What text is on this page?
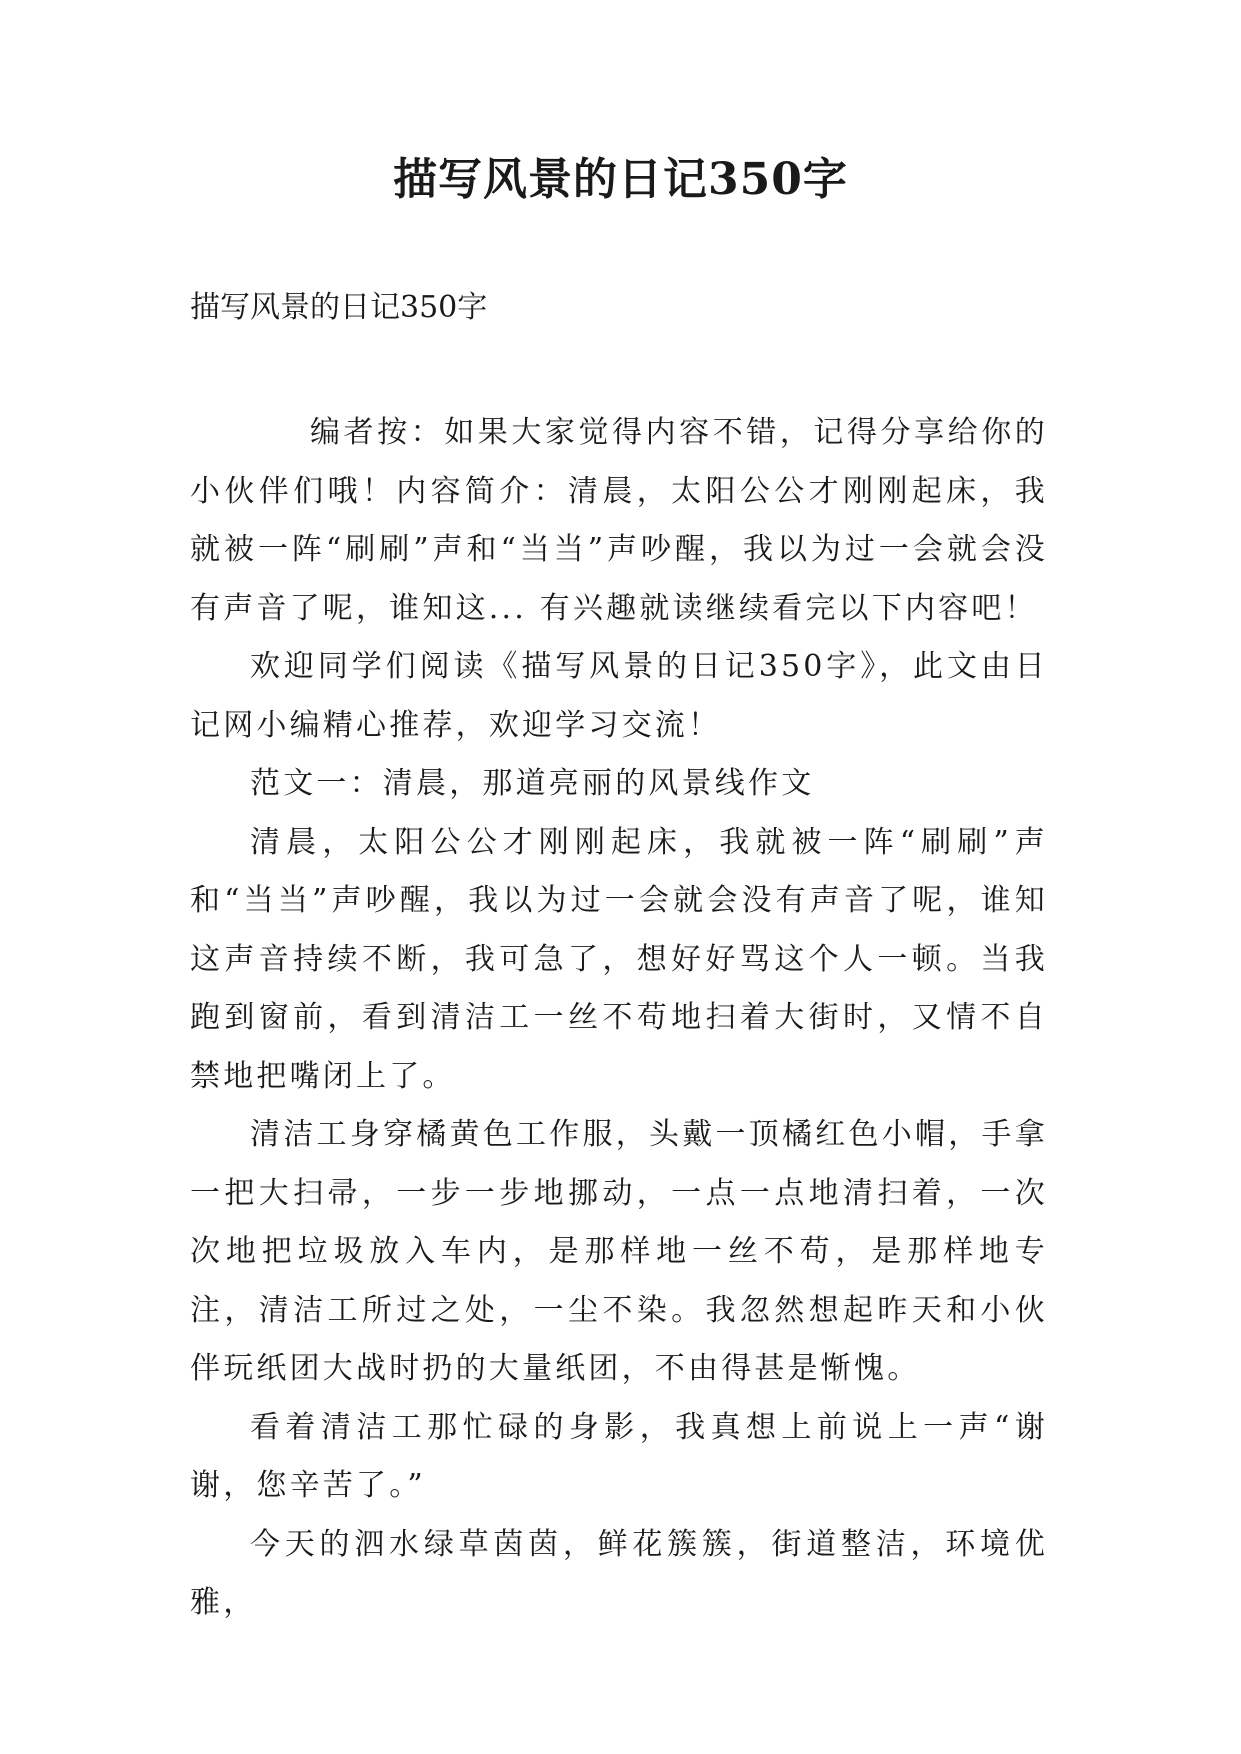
描写风景的日记350字

描写风景的日记350字

编者按：如果大家觉得内容不错，记得分享给你的小伙伴们哦！内容简介：清晨，太阳公公才刚刚起床，我就被一阵“刷刷”声和“当当”声吵醒，我以为过一会就会没有声音了呢，谁知这... 有兴趣就读继续看完以下内容吧！

欢迎同学们阅读《描写风景的日记350字》，此文由日记网小编精心推荐，欢迎学习交流！

范文一：清晨，那道亮丽的风景线作文

清晨，太阳公公才刚刚起床，我就被一阵“刷刷”声和“当当”声吵醒，我以为过一会就会没有声音了呢，谁知这声音持续不断，我可急了，想好好骂这个人一顿。当我跑到窗前，看到清洁工一丝不苟地扫着大街时，又情不自禁地把嘴闭上了。

清洁工身穿橘黄色工作服，头戴一顶橘红色小帽，手拿一把大扫帚，一步一步地挪动，一点一点地清扫着，一次次地把垃圾放入车内，是那样地一丝不苟，是那样地专注，清洁工所过之处，一尘不染。我忽然想起昨天和小伙伴玩纸团大战时扔的大量纸团，不由得甚是惭愧。

看着清洁工那忙碌的身影，我真想上前说上一声“谢谢，您辛苦了。”

今天的泗水绿草茵茵，鲜花簇簇，街道整洁，环境优雅，
